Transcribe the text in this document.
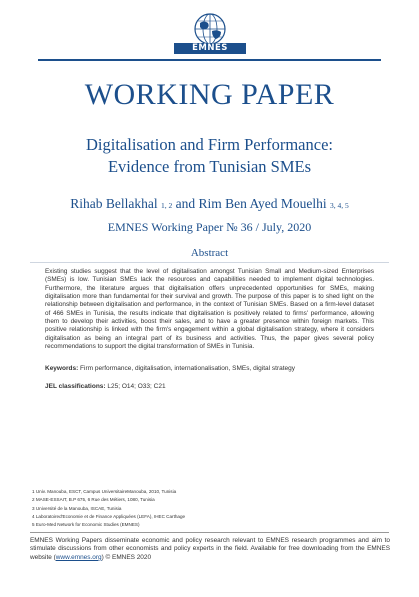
EMNES
WORKING PAPER
Digitalisation and Firm Performance:
Evidence from Tunisian SMEs
Rihab Bellakhal 1, 2 and Rim Ben Ayed Mouelhi 3, 4, 5
EMNES Working Paper № 36 / July, 2020
Abstract
Existing studies suggest that the level of digitalisation amongst Tunisian Small and Medium-sized Enterprises (SMEs) is low. Tunisian SMEs lack the resources and capabilities needed to implement digital technologies. Furthermore, the literature argues that digitalisation offers unprecedented opportunities for SMEs, making digitalisation more than fundamental for their survival and growth. The purpose of this paper is to shed light on the relationship between digitalisation and performance, in the context of Tunisian SMEs. Based on a firm-level dataset of 466 SMEs in Tunisia, the results indicate that digitalisation is positively related to firms' performance, allowing them to develop their activities, boost their sales, and to have a greater presence within foreign markets. This positive relationship is linked with the firm's engagement within a global digitalisation strategy, where it considers digitalisation as being an integral part of its business and activities. Thus, the paper gives several policy recommendations to support the digital transformation of SMEs in Tunisia.
Keywords: Firm performance, digitalisation, internationalisation, SMEs, digital strategy
JEL classifications: L25; O14; O33; C21
1 Univ. Manouba, ESCT, Campus UniversitaireManouba, 2010, Tunisia
2 MASE-ESSAIT, B.P 675, 6 Rue des Métiers, 1080, Tunisia
3 Université de la Manouba, ISCAE, Tunisia
4 Laboratoired'Economie et de Finance Appliquées (LEFA), IHEC Carthage
5 Euro-Med Network for Economic Studies (EMNES)
EMNES Working Papers disseminate economic and policy research relevant to EMNES research programmes and aim to stimulate discussions from other economists and policy experts in the field. Available for free downloading from the EMNES website (www.emnes.org) © EMNES 2020
